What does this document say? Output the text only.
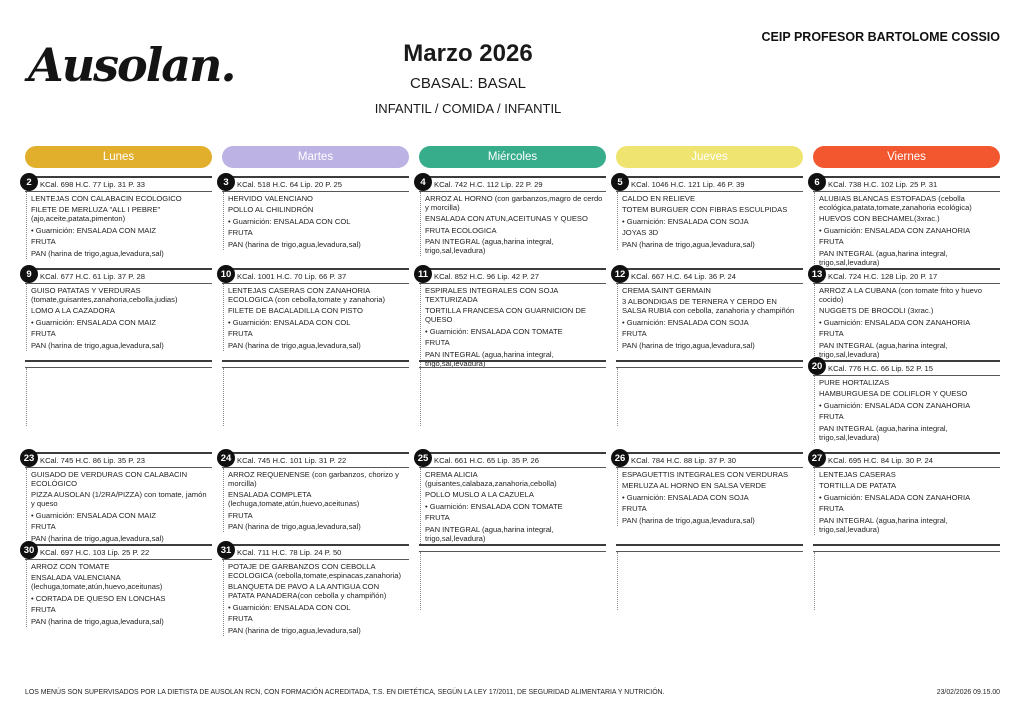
Ausolan.	Marzo 2026
CBASAL: BASAL
INFANTIL / COMIDA / INFANTIL
CEIP PROFESOR BARTOLOME COSSIO
Lunes	Martes	Miércoles	Jueves	Viernes
2	KCal. 698 H.C. 77 Lip. 31 P. 33
LENTEJAS CON CALABACIN ECOLOGICO
FILETE DE MERLUZA "ALL I PEBRE"(ajo,aceite,patata,pimenton)
• Guarnición: ENSALADA CON MAIZ
FRUTA
PAN (harina de trigo,agua,levadura,sal)
3	KCal. 518 H.C. 64 Lip. 20 P. 25
HERVIDO VALENCIANO
POLLO AL CHILINDRÓN
• Guarnición: ENSALADA CON COL
FRUTA
PAN (harina de trigo,agua,levadura,sal)
4	KCal. 742 H.C. 112 Lip. 22 P. 29
ARROZ AL HORNO (con garbanzos,magro de cerdo y morcilla)
ENSALADA CON ATUN,ACEITUNAS Y QUESO
FRUTA ECOLOGICA
PAN INTEGRAL (agua,harina integral, trigo,sal,levadura)
5	KCal. 1046 H.C. 121 Lip. 46 P. 39
CALDO EN RELIEVE
TOTEM BURGUER CON FIBRAS ESCULPIDAS
• Guarnición: ENSALADA CON SOJA
JOYAS 3D
PAN (harina de trigo,agua,levadura,sal)
6	KCal. 738 H.C. 102 Lip. 25 P. 31
ALUBIAS BLANCAS ESTOFADAS (cebolla ecológica,patata,tomate,zanahoria ecológica)
HUEVOS CON BECHAMEL(3xrac.)
• Guarnición: ENSALADA CON ZANAHORIA
FRUTA
PAN INTEGRAL (agua,harina integral, trigo,sal,levadura)
9	KCal. 677 H.C. 61 Lip. 37 P. 28
GUISO PATATAS Y VERDURAS (tomate,guisantes,zanahoria,cebolla,judias)
LOMO A LA CAZADORA
• Guarnición: ENSALADA CON MAIZ
FRUTA
PAN (harina de trigo,agua,levadura,sal)
10 KCal. 1001 H.C. 70 Lip. 66 P. 37
LENTEJAS CASERAS CON ZANAHORIA ECOLOGICA (con cebolla,tomate y zanahoria)
FILETE DE BACALADILLA CON PISTO
• Guarnición: ENSALADA CON COL
FRUTA
PAN (harina de trigo,agua,levadura,sal)
11 KCal. 852 H.C. 96 Lip. 42 P. 27
ESPIRALES INTEGRALES CON SOJA TEXTURIZADA
TORTILLA FRANCESA CON GUARNICION DE QUESO
• Guarnición: ENSALADA CON TOMATE
FRUTA
PAN INTEGRAL (agua,harina integral, trigo,sal,levadura)
12 KCal. 667 H.C. 64 Lip. 36 P. 24
CREMA SAINT GERMAIN
3 ALBONDIGAS DE TERNERA Y CERDO EN SALSA RUBIA con cebolla, zanahoria y champiñón
• Guarnición: ENSALADA CON SOJA
FRUTA
PAN (harina de trigo,agua,levadura,sal)
13 KCal. 724 H.C. 128 Lip. 20 P. 17
ARROZ A LA CUBANA (con tomate frito y huevo cocido)
NUGGETS DE BROCOLI (3xrac.)
• Guarnición: ENSALADA CON ZANAHORIA
FRUTA
PAN INTEGRAL (agua,harina integral, trigo,sal,levadura)
20 KCal. 776 H.C. 66 Lip. 52 P. 15
PURE HORTALIZAS
HAMBURGUESA DE COLIFLOR Y QUESO
• Guarnición: ENSALADA CON ZANAHORIA
FRUTA
PAN INTEGRAL (agua,harina integral, trigo,sal,levadura)
23 KCal. 745 H.C. 86 Lip. 35 P. 23
GUISADO DE VERDURAS CON CALABACIN ECOLÓGICO
PIZZA AUSOLAN (1/2RA/PIZZA) con tomate, jamón y queso
• Guarnición: ENSALADA CON MAIZ
FRUTA
PAN (harina de trigo,agua,levadura,sal)
24 KCal. 745 H.C. 101 Lip. 31 P. 22
ARROZ REQUENENSE (con garbanzos, chorizo y morcilla)
ENSALADA COMPLETA (lechuga,tomate,atún,huevo,aceitunas)
FRUTA
PAN (harina de trigo,agua,levadura,sal)
25 KCal. 661 H.C. 65 Lip. 35 P. 26
CREMA ALICIA (guisantes,calabaza,zanahoria,cebolla)
POLLO MUSLO A LA CAZUELA
• Guarnición: ENSALADA CON TOMATE
FRUTA
PAN INTEGRAL (agua,harina integral, trigo,sal,levadura)
26 KCal. 784 H.C. 88 Lip. 37 P. 30
ESPAGUETTIS INTEGRALES CON VERDURAS
MERLUZA AL HORNO EN SALSA VERDE
• Guarnición: ENSALADA CON SOJA
FRUTA
PAN (harina de trigo,agua,levadura,sal)
27 KCal. 695 H.C. 84 Lip. 30 P. 24
LENTEJAS CASERAS
TORTILLA DE PATATA
• Guarnición: ENSALADA CON ZANAHORIA
FRUTA
PAN INTEGRAL (agua,harina integral, trigo,sal,levadura)
30 KCal. 697 H.C. 103 Lip. 25 P. 22
ARROZ CON TOMATE
ENSALADA VALENCIANA (lechuga,tomate,atún,huevo,aceitunas)
• CORTADA DE QUESO EN LONCHAS
FRUTA
PAN (harina de trigo,agua,levadura,sal)
31 KCal. 711 H.C. 78 Lip. 24 P. 50
POTAJE DE GARBANZOS CON CEBOLLA ECOLOGICA (cebolla,tomate,espinacas,zanahoria)
BLANQUETA DE PAVO A LA ANTIGUA CON PATATA PANADERA(con cebolla y champiñón)
• Guarnición: ENSALADA CON COL
FRUTA
PAN (harina de trigo,agua,levadura,sal)
LOS MENÚS SON SUPERVISADOS POR LA DIETISTA DE AUSOLAN RCN, CON FORMACIÓN ACREDITADA, T.S. EN DIETÉTICA, SEGÚN LA LEY 17/2011, DE SEGURIDAD ALIMENTARIA Y NUTRICIÓN.	23/02/2026 09.15.00
